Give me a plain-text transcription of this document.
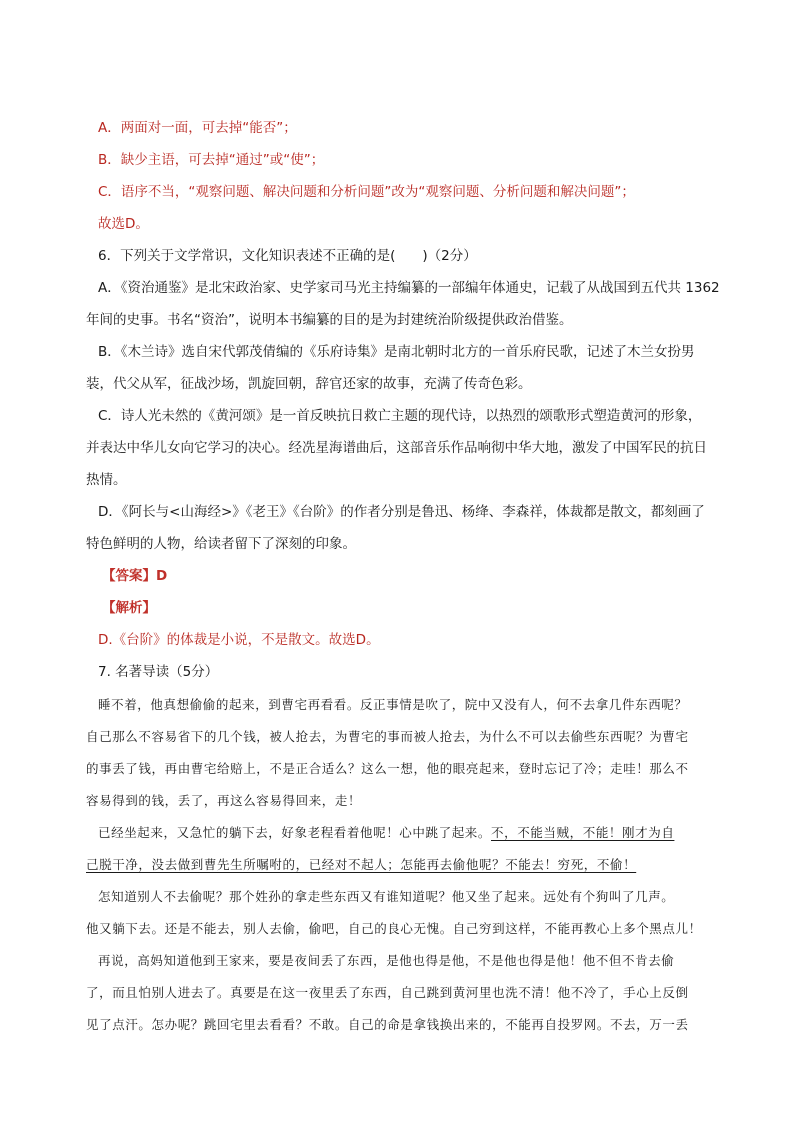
A．两面对一面，可去掉“能否”；

B．缺少主语，可去掉“通过”或“使”；

C．语序不当，“观察问题、解决问题和分析问题”改为“观察问题、分析问题和解决问题”；

故选D。

6．下列关于文学常识，文化知识表述不正确的是(　　)（2分）

A．《资治通鉴》是北宋政治家、史学家司马光主持编纂的一部编年体通史，记载了从战国到五代共 1362

年间的史事。书名“资治”，说明本书编纂的目的是为封建统治阶级提供政治借鉴。

B．《木兰诗》选自宋代郭茂倩编的《乐府诗集》是南北朝时北方的一首乐府民歌，记述了木兰女扮男

装，代父从军，征战沙场，凯旋回朝，辞官还家的故事，充满了传奇色彩。

C．诗人光未然的《黄河颂》是一首反映抗日救亡主题的现代诗，以热烈的颂歌形式塑造黄河的形象，

并表达中华儿女向它学习的决心。经冼星海谱曲后，这部音乐作品响彻中华大地，激发了中国军民的抗日

热情。

D．《阿长与<山海经>》《老王》《台阶》的作者分别是鲁迅、杨绛、李森祥，体裁都是散文，都刻画了

特色鲜明的人物，给读者留下了深刻的印象。

【答案】D

【解析】

D.《台阶》的体裁是小说，不是散文。故选D。

7. 名著导读（5分）

睡不着，他真想偷偷的起来，到曹宅再看看。反正事情是吹了，院中又没有人，何不去拿几件东西呢？

自己那么不容易省下的几个钱，被人抢去，为曹宅的事而被人抢去，为什么不可以去偷些东西呢？为曹宅

的事丢了钱，再由曹宅给赔上，不是正合适么？这么一想，他的眼亮起来，登时忘记了冷；走哇！那么不

容易得到的钱，丢了，再这么容易得回来，走！

已经坐起来，又急忙的躺下去，好象老程看着他呢！心中跳了起来。不，不能当贼，不能！刚才为自

己脱干净，没去做到曹先生所嘱咐的，已经对不起人；怎能再去偷他呢？不能去！穷死，不偷！

怎知道别人不去偷呢？那个姓孙的拿走些东西又有谁知道呢？他又坐了起来。远处有个狗叫了几声。

他又躺下去。还是不能去，别人去偷，偷吧，自己的良心无愧。自己穷到这样，不能再教心上多个黑点儿！

再说，高妈知道他到王家来，要是夜间丢了东西，是他也得是他，不是他也得是他！他不但不肯去偷

了，而且怕别人进去了。真要是在这一夜里丢了东西，自己跳到黄河里也洗不清！他不冷了，手心上反倒

见了点汗。怎办呢？跳回宅里去看看？不敢。自己的命是拿钱换出来的，不能再自投罗网。不去，万一丢
